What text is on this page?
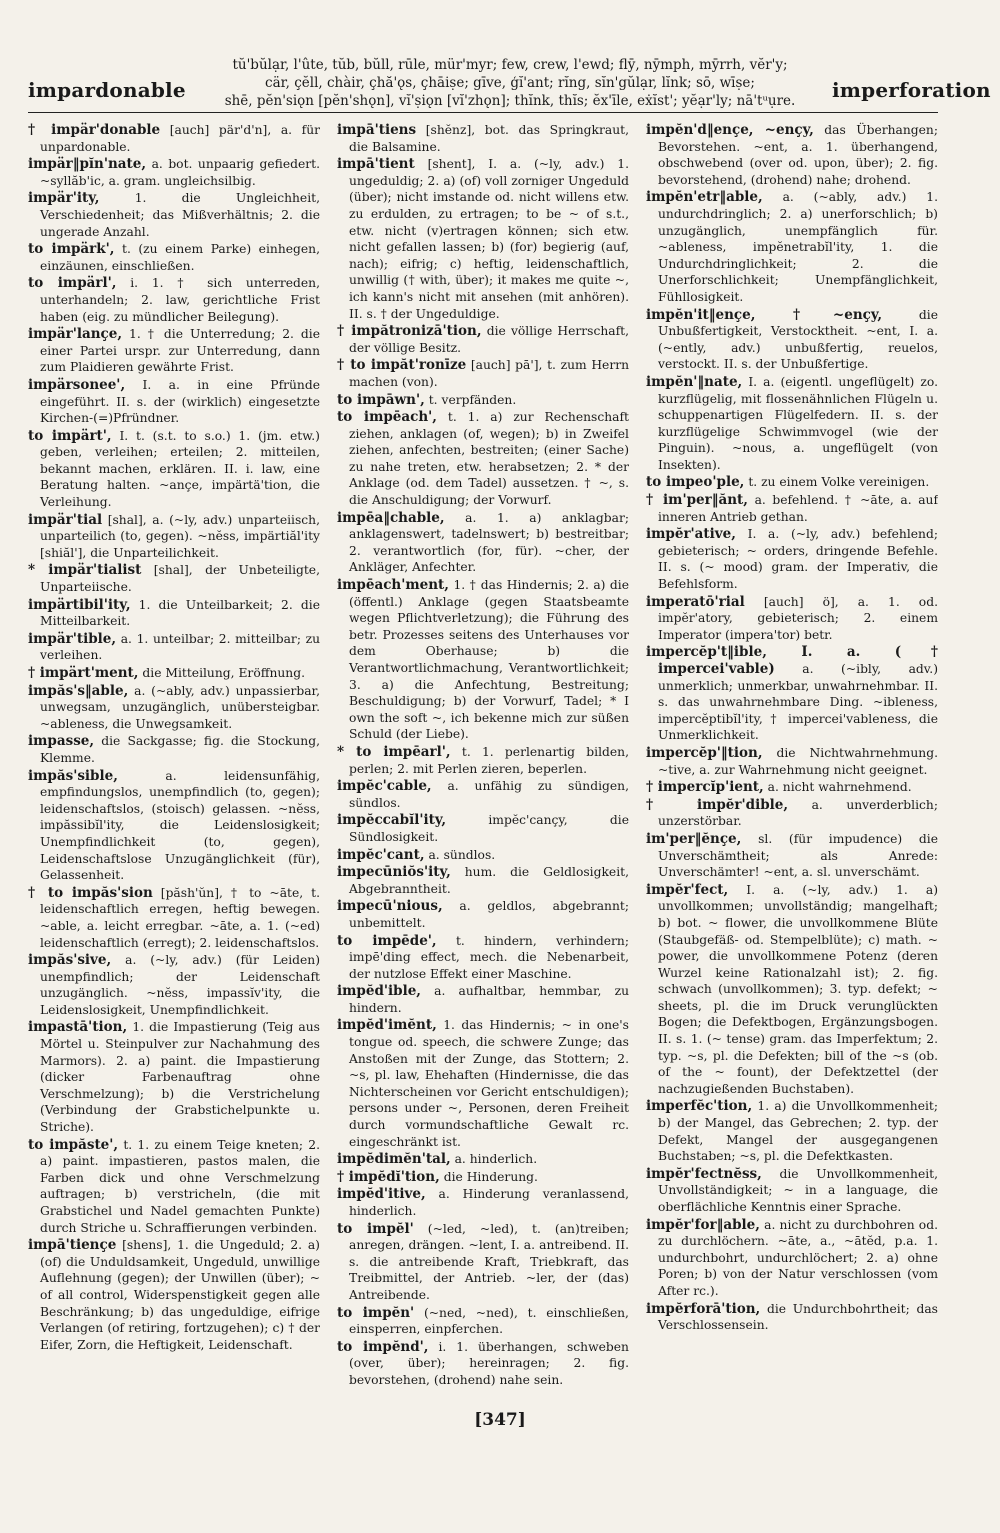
impardonable
tŭ'bŭlạr, l'ûte, tŭb, bŭll, rūle, mür'myr; few, crew, l'ewd; flȳ, nȳmph, mȳrrh, vĕr'y;
cär, çĕll, chàir, çhă'ǫs, çhāiṣe; gīve, ģĭ'ant; rĭng, sĭn'gŭlạr, lĭnk; sō, wīṣe;
shē, pĕn'siǫn [pĕn'shǫn], vĭ'ṣiǫn [vĭ'zhǫn]; thĭnk, thĭs; ĕx'īle, eẋĭst'; yĕạr'ly; nā'tᵘụre.	imperforation
† impär'donable [auch] pär'd'n], a. für unpardonable.
impär‖pĭn'nate, a. bot. unpaarig gefiedert. ~syllăb'ic, a. gram. ungleichsilbig.
impär'ity,	1. die Ungleichheit, Verschiedenheit; das Mißverhältnis; 2. die ungerade Anzahl.
to impärk', t. (zu einem Parke) einhegen, einzäunen, einschließen.
to impärl', i. 1. † sich unterreden, unterhandeln; 2. law, gerichtliche Frist haben (eig. zu mündlicher Beilegung).
impär'lançe, 1. † die Unterredung; 2. die einer Partei urspr. zur Unterredung, dann zum Plaidieren gewährte Frist.
impärsonee', I. a. in eine Pfründe eingeführt. II. s. der (wirklich) eingesetzte Kirchen-(=)Pfründner.
to impärt', I. t. (s.t. to s.o.) 1. (jm. etw.) geben, verleihen; erteilen; 2. mitteilen, bekannt machen, erklären. II. i. law, eine Beratung halten. ~ançe, impärtä'tion, die Verleihung.
impär'tial [shal], a. (~ly, adv.) unparteiisch, unparteilich (to, gegen). ~nĕss, impärtiăl'ity [shiăl'], die Unparteilichkeit.
* impär'tialist [shal], der Unbeteiligte, Unparteiische.
impärtibil'ity, 1. die Unteilbarkeit; 2. die Mitteilbarkeit.
impär'tible, a. 1. unteilbar; 2. mitteilbar; zu verleihen.
† impärt'ment, die Mitteilung, Eröffnung.
impăs's‖able, a. (~ably, adv.) unpassierbar, unwegsam, unzugänglich, unübersteigbar. ~ableness, die Unwegsamkeit.
impasse, die Sackgasse; fig. die Stockung, Klemme.
impăs'sible,	a. leidensunfähig, empfindungslos, unempfindlich (to, gegen); leidenschaftslos, (stoisch) gelassen. ~nĕss, impăssibĭl'ity, die Leidenslosigkeit; Unempfindlichkeit (to, gegen), Leidenschaftslose Unzugänglichkeit (für), Gelassenheit.
† to impăs'sion [păsh'ŭn], † to ~āte, t. leidenschaftlich erregen, heftig bewegen. ~able, a. leicht erregbar. ~āte, a. 1. (~ed) leidenschaftlich (erregt); 2. leidenschaftslos.
impăs'sive, a. (~ly, adv.) (für Leiden) unempfindlich; der Leidenschaft unzugänglich. ~nĕss, impassĭv'ity, die Leidenslosigkeit, Unempfindlichkeit.
impastā'tion, 1. die Impastierung (Teig aus Mörtel u. Steinpulver zur Nachahmung des Marmors). 2. a) paint. die Impastierung (dicker Farbenauftrag ohne Verschmelzung); b) die Verstrichelung (Verbindung der Grabstichelpunkte u. Striche).
to impăste', t. 1. zu einem Teige kneten; 2. a) paint. impastieren, pastos malen, die Farben dick und ohne Verschmelzung auftragen; b) verstricheln, (die mit Grabstichel und Nadel gemachten Punkte) durch Striche u. Schraffierungen verbinden.
impā'tiençe [shens], 1. die Ungeduld; 2. a) (of) die Unduldsamkeit, Ungeduld, unwillige Auflehnung (gegen); der Unwillen (über); ~ of all control, Widerspenstigkeit gegen alle Beschränkung; b) das ungeduldige, eifrige Verlangen (of retiring, fortzugehen); c) † der Eifer, Zorn, die Heftigkeit, Leidenschaft.
impā'tiens [shĕnz], bot. das Springkraut, die Balsamine.
impā'tient [shent], I. a. (~ly, adv.) 1. ungeduldig; 2. a) (of) voll zorniger Ungeduld (über); nicht imstande od. nicht willens etw. zu erdulden, zu ertragen; to be ~ of s.t., etw. nicht (v)ertragen können; sich etw. nicht gefallen lassen; b) (for) begierig (auf, nach); eifrig; c) heftig, leidenschaftlich, unwillig († with, über); it makes me quite ~, ich kann's nicht mit ansehen (mit anhören). II. s. † der Ungeduldige.
† impătronizā'tion, die völlige Herrschaft, der völlige Besitz.
† to impăt'ronīze [auch] pā'], t. zum Herrn machen (von).
to impāwn', t. verpfänden.
to impēach', t. 1. a) zur Rechenschaft ziehen, anklagen (of, wegen); b) in Zweifel ziehen, anfechten, bestreiten; (einer Sache) zu nahe treten, etw. herabsetzen; 2. * der Anklage (od. dem Tadel) aussetzen. † ~, s. die Anschuldigung; der Vorwurf.
impēa‖chable, a. 1. a) anklagbar; anklagenswert, tadelnswert; b) bestreitbar; 2. verantwortlich (for, für). ~cher, der Ankläger, Anfechter.
impēach'ment, 1. † das Hindernis; 2. a) die (öffentl.) Anklage (gegen Staatsbeamte wegen Pflichtverletzung); die Führung des betr. Prozesses seitens des Unterhauses vor dem Oberhause; b) die Verantwortlichmachung, Verantwortlichkeit; 3. a) die Anfechtung, Bestreitung; Beschuldigung; b) der Vorwurf, Tadel; * I own the soft ~, ich bekenne mich zur süßen Schuld (der Liebe).
* to impēarl', t. 1. perlenartig bilden, perlen; 2. mit Perlen zieren, beperlen.
impĕc'cable, a. unfähig zu sündigen, sündlos.
impĕccabĭl'ity,	impĕc'cançy, die Sündlosigkeit.
impĕc'cant, a. sündlos.
impecūniŏs'ity, hum. die Geldlosigkeit, Abgebranntheit.
impecū'nious, a. geldlos, abgebrannt; unbemittelt.
to impēde', t. hindern, verhindern; impē'ding effect, mech. die Nebenarbeit, der nutzlose Effekt einer Maschine.
impĕd'ible, a. aufhaltbar, hemmbar, zu hindern.
impĕd'imĕnt, 1. das Hindernis; ~ in one's tongue od. speech, die schwere Zunge; das Anstoßen mit der Zunge, das Stottern; 2. ~s, pl. law, Ehehaften (Hindernisse, die das Nichterscheinen vor Gericht entschuldigen); persons under ~, Personen, deren Freiheit durch vormundschaftliche Gewalt rc. eingeschränkt ist.
impĕdimĕn'tal, a. hinderlich.
† impĕdĭ'tion, die Hinderung.
impĕd'itive, a. Hinderung veranlassend, hinderlich.
to impĕl' (~led, ~led), t. (an)treiben; anregen, drängen. ~lent, I. a. antreibend. II. s. die antreibende Kraft, Triebkraft, das Treibmittel, der Antrieb. ~ler, der (das) Antreibende.
to impĕn' (~ned, ~ned), t. einschließen, einsperren, einpferchen.
to impĕnd', i. 1. überhangen, schweben (over, über); hereinragen; 2. fig. bevorstehen, (drohend) nahe sein.
impĕn'd‖ençe, ~ençy, das Überhangen; Bevorstehen. ~ent, a. 1. überhangend, obschwebend (over od. upon, über); 2. fig. bevorstehend, (drohend) nahe; drohend.
impĕn'etr‖able, a. (~ably, adv.) 1. undurchdringlich; 2. a) unerforschlich; b) unzugänglich, unempfänglich für. ~ableness, impĕnetrabĭl'ity, 1. die Undurchdringlichkeit; 2. die Unerforschlichkeit; Unempfänglichkeit, Fühllosigkeit.
impĕn'it‖ençe, †~ençy,	die Unbußfertigkeit, Verstocktheit. ~ent, I. a. (~ently, adv.) unbußfertig, reuelos, verstockt. II. s. der Unbußfertige.
impĕn'‖nate, I. a. (eigentl. ungeflügelt) zo. kurzflügelig, mit flossenähnlichen Flügeln u. schuppenartigen Flügelfedern. II. s. der kurzflügelige Schwimmvogel (wie der Pinguin). ~nous, a. ungeflügelt (von Insekten).
to impeo'ple, t. zu einem Volke vereinigen.
† im'per‖ănt, a. befehlend. † ~āte, a. auf inneren Antrieb gethan.
impĕr'ative, I. a. (~ly, adv.) befehlend; gebieterisch; ~ orders, dringende Befehle. II. s. (~ mood) gram. der Imperativ, die Befehlsform.
imperatō'rial [auch] ö], a. 1. od. impĕr'atory, gebieterisch; 2. einem Imperator (impera'tor) betr.
impercĕp't‖ible, I. a. († impercei'vable) a. (~ibly, adv.) unmerklich; unmerkbar, unwahrnehmbar. II. s. das unwahrnehmbare Ding. ~ibleness, impercĕptibĭl'ity, † impercei'vableness, die Unmerklichkeit.
impercĕp'‖tion, die Nichtwahrnehmung. ~tive, a. zur Wahrnehmung nicht geeignet.
† impercĭp'ient, a. nicht wahrnehmend.
† impĕr'dible, a. unverderblich; unzerstörbar.
im'per‖ĕnçe, sl. (für impudence) die Unverschämtheit; als Anrede: Unverschämter! ~ent, a. sl. unverschämt.
impĕr'fect, I. a. (~ly, adv.) 1. a) unvollkommen; unvollständig; mangelhaft; b) bot. ~ flower, die unvollkommene Blüte (Staubgefäß- od. Stempelblüte); c) math. ~ power, die unvollkommene Potenz (deren Wurzel keine Rationalzahl ist); 2. fig. schwach (unvollkommen); 3. typ. defekt; ~ sheets, pl. die im Druck verunglückten Bogen; die Defektbogen, Ergänzungsbogen. II. s. 1. (~ tense) gram. das Imperfektum; 2. typ. ~s, pl. die Defekten; bill of the ~s (ob. of the ~ fount), der Defektzettel (der nachzugießenden Buchstaben).
imperfĕc'tion, 1. a) die Unvollkommenheit; b) der Mangel, das Gebrechen; 2. typ. der Defekt, Mangel der ausgegangenen Buchstaben; ~s, pl. die Defektkasten.
impĕr'fectnĕss, die Unvollkommenheit, Unvollständigkeit; ~ in a language, die oberflächliche Kenntnis einer Sprache.
impĕr'for‖able, a. nicht zu durchbohren od. zu durchlöchern. ~āte, a., ~ātĕd, p.a. 1. undurchbohrt, undurchlöchert; 2. a) ohne Poren; b) von der Natur verschlossen (vom After rc.).
impĕrforā'tion, die Undurchbohrtheit; das Verschlossensein.
[347]
